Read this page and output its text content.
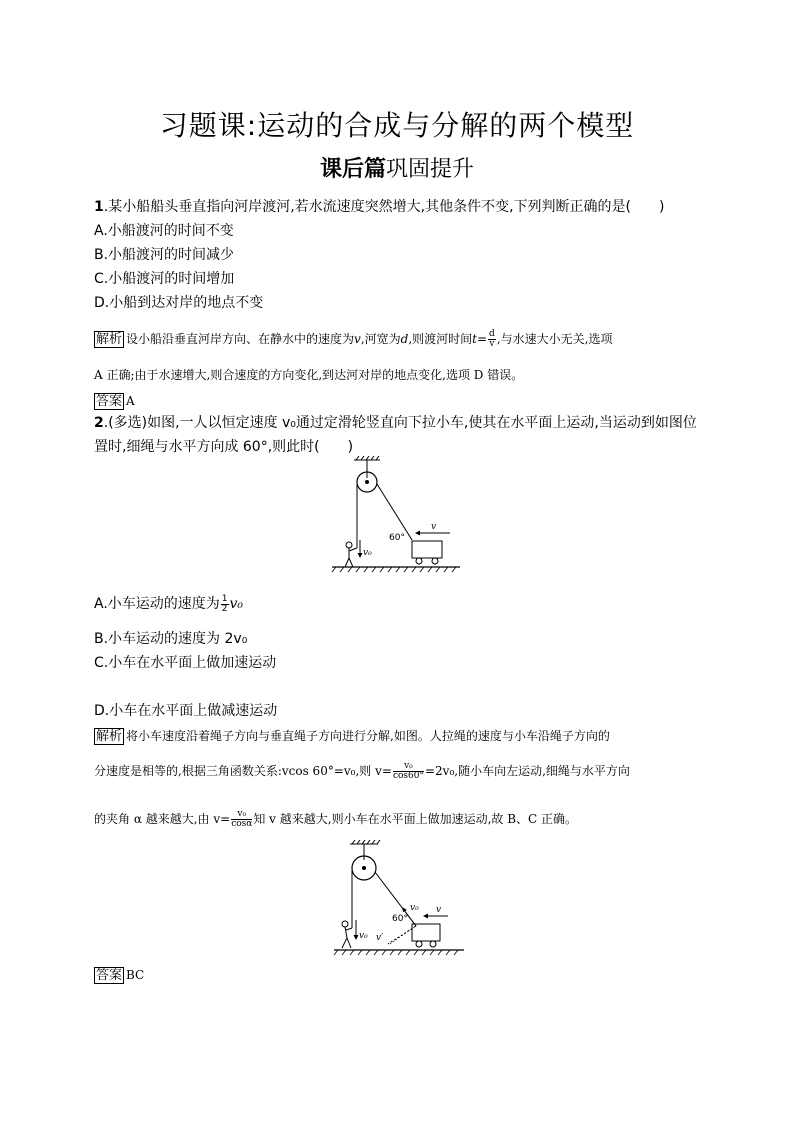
习题课:运动的合成与分解的两个模型
课后篇巩固提升
1.某小船船头垂直指向河岸渡河,若水流速度突然增大,其他条件不变,下列判断正确的是(　　)
A.小船渡河的时间不变
B.小船渡河的时间减少
C.小船渡河的时间增加
D.小船到达对岸的地点不变
解析 设小船沿垂直河岸方向、在静水中的速度为v,河宽为d,则渡河时间$t= \frac{d}{v}$ ,与水速大小无关,选项
A 正确;由于水速增大,则合速度的方向变化,到达河对岸的地点变化,选项 D 错误。
答案 A
2.(多选)如图,一人以恒定速度 v₀通过定滑轮竖直向下拉小车,使其在水平面上运动,当运动到如图位
置时,细绳与水平方向成 60°,则此时(　　)
v₀
60°
v
A.小车运动的速度为 $\frac{1}{2} v_0$
B.小车运动的速度为 2v₀
C.小车在水平面上做加速运动
D.小车在水平面上做减速运动
解析 将小车速度沿着绳子方向与垂直绳子方向进行分解,如图。人拉绳的速度与小车沿绳子方向的
分速度是相等的,根据三角函数关系:vcos 60°=v₀,则 $v= \frac{\text{v₀}}{\cos 60^\circ} =2v_0$,随小车向左运动,细绳与水平方向
的夹角 α 越来越大,由 $v= \frac{\text{v₀}}{\cos\alpha}$ 知 v 越来越大,则小车在水平面上做加速运动,故 B、C 正确。
v₀
60°
v₀
v′
v
答案 BC
